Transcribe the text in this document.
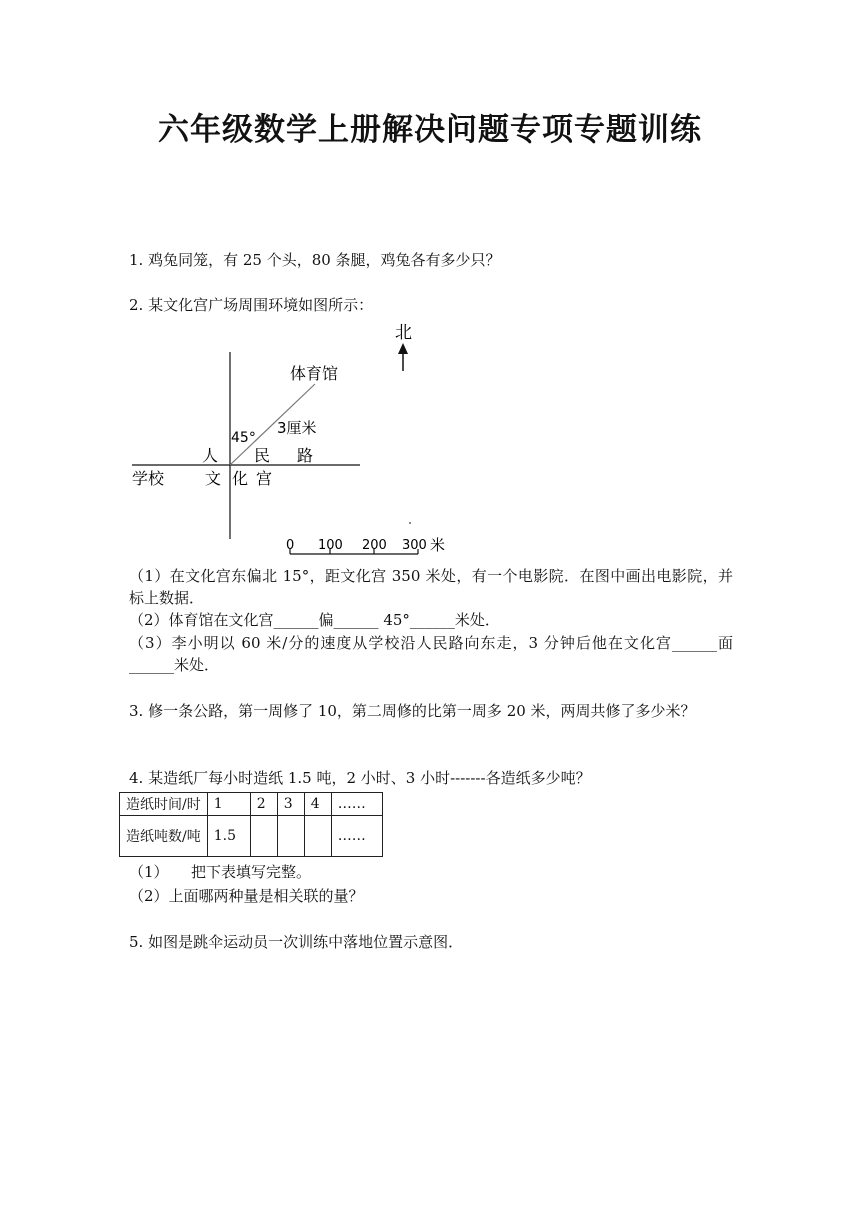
六年级数学上册解决问题专项专题训练
1. 鸡兔同笼，有 25 个头，80 条腿，鸡兔各有多少只？
2. 某文化宫广场周围环境如图所示：
北
体育馆
45°
3厘米
人 民 路
学校	文 化 宫
0 100 200 300 米
（1）在文化宫东偏北 15°，距文化宫 350 米处，有一个电影院．在图中画出电影院，并标上数据．
（2）体育馆在文化宫______偏______ 45°______米处．
（3）李小明以 60 米/分的速度从学校沿人民路向东走，3 分钟后他在文化宫______面______米处．
3. 修一条公路，第一周修了 10，第二周修的比第一周多 20 米，两周共修了多少米？
4. 某造纸厂每小时造纸 1.5 吨，2 小时、3 小时-------各造纸多少吨？
造纸时间/时	1	2	3	4	……
造纸吨数/吨	1.5				……
（1）　　把下表填写完整。
（2）上面哪两种量是相关联的量？
5. 如图是跳伞运动员一次训练中落地位置示意图．
